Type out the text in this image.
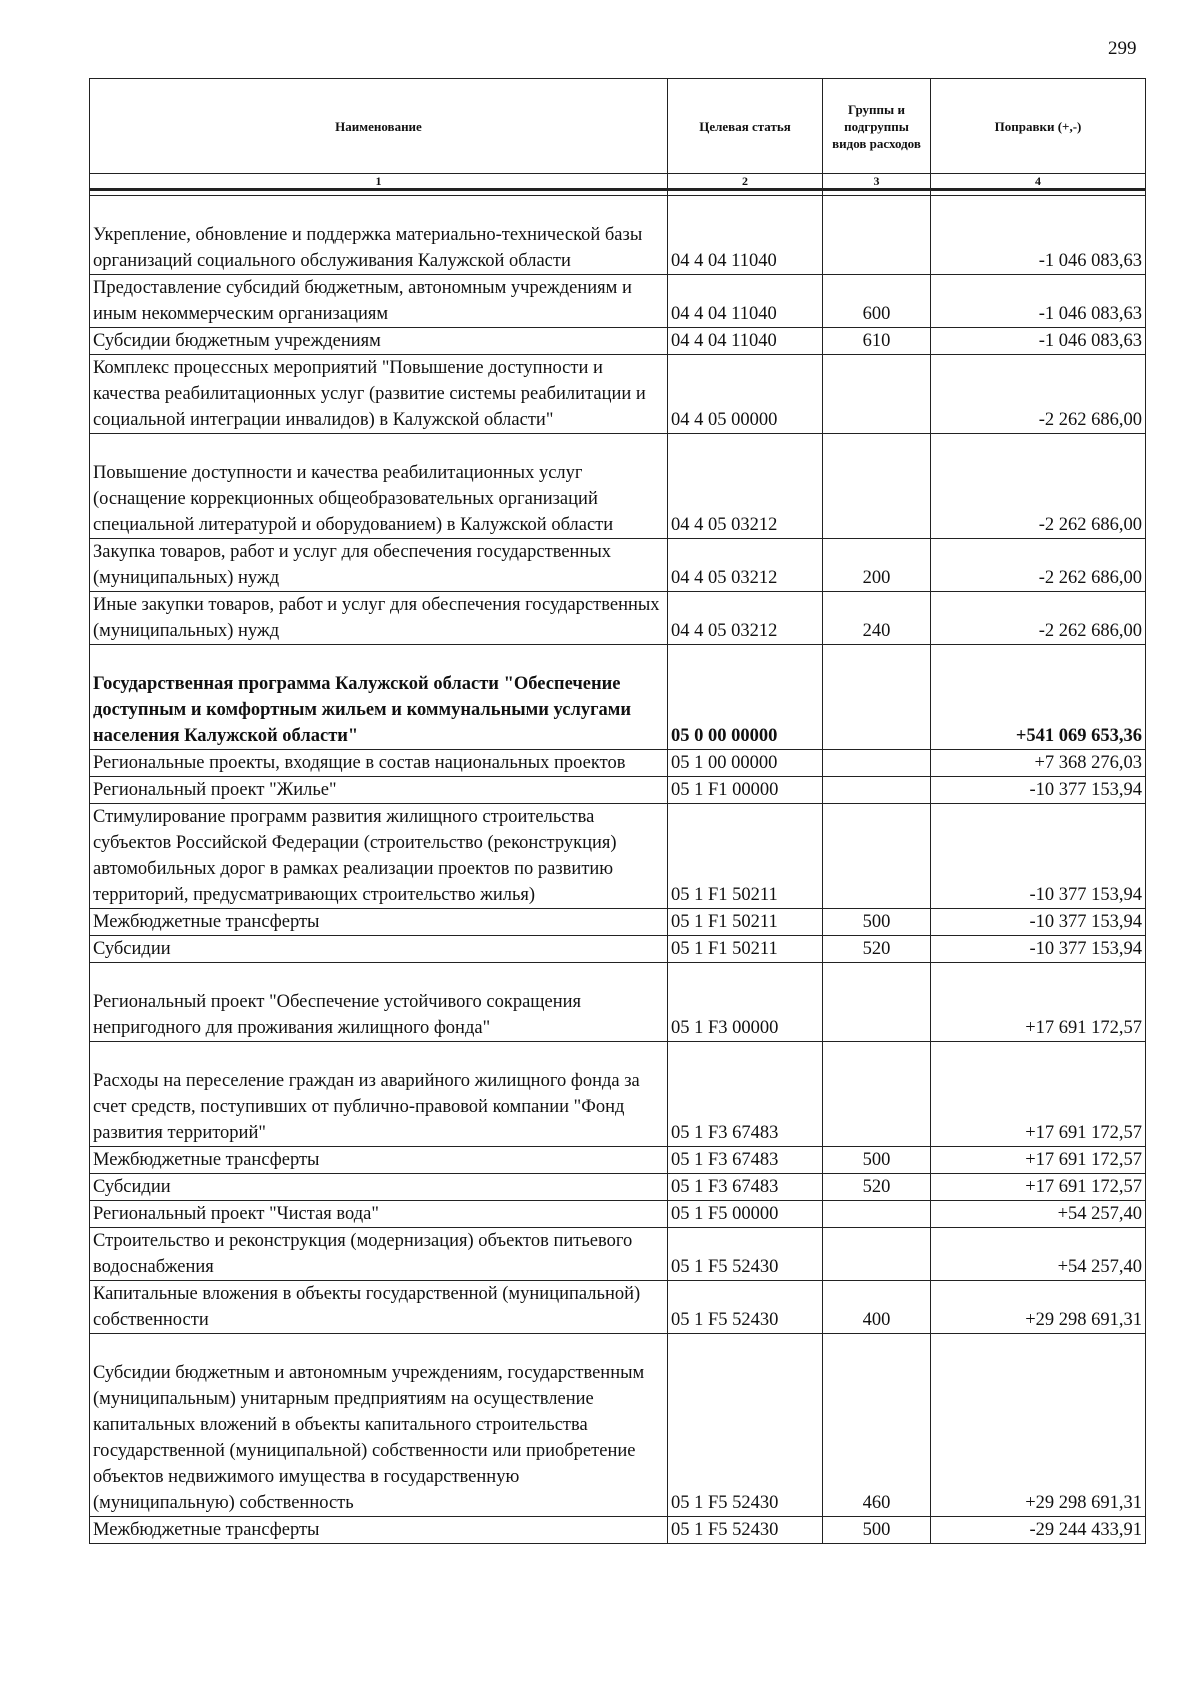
299
Наименование	Целевая статья	Группы и подгруппы видов расходов	Поправки (+,-)
1	2	3	4

Укрепление, обновление и поддержка материально-технической базы организаций социального обслуживания Калужской области	04 4 04 11040		-1 046 083,63
Предоставление субсидий бюджетным, автономным учреждениям и иным некоммерческим организациям	04 4 04 11040	600	-1 046 083,63
Субсидии бюджетным учреждениям	04 4 04 11040	610	-1 046 083,63
Комплекс процессных мероприятий "Повышение доступности и качества реабилитационных услуг (развитие системы реабилитации и социальной интеграции инвалидов) в Калужской области"	04 4 05 00000		-2 262 686,00

Повышение доступности и качества реабилитационных услуг (оснащение коррекционных общеобразовательных организаций специальной литературой и оборудованием) в Калужской области	04 4 05 03212		-2 262 686,00
Закупка товаров, работ и услуг для обеспечения государственных (муниципальных) нужд	04 4 05 03212	200	-2 262 686,00
Иные закупки товаров, работ и услуг для обеспечения государственных (муниципальных) нужд	04 4 05 03212	240	-2 262 686,00

Государственная программа Калужской области "Обеспечение доступным и комфортным жильем и коммунальными услугами населения Калужской области"	05 0 00 00000		+541 069 653,36
Региональные проекты, входящие в состав национальных проектов	05 1 00 00000		+7 368 276,03
Региональный проект "Жилье"	05 1 F1 00000		-10 377 153,94
Стимулирование программ развития жилищного строительства субъектов Российской Федерации (строительство (реконструкция) автомобильных дорог в рамках реализации проектов по развитию территорий, предусматривающих строительство жилья)	05 1 F1 50211		-10 377 153,94
Межбюджетные трансферты	05 1 F1 50211	500	-10 377 153,94
Субсидии	05 1 F1 50211	520	-10 377 153,94

Региональный проект "Обеспечение устойчивого сокращения непригодного для проживания жилищного фонда"	05 1 F3 00000		+17 691 172,57

Расходы на переселение граждан из аварийного жилищного фонда за счет средств, поступивших от публично-правовой компании "Фонд развития территорий"	05 1 F3 67483		+17 691 172,57
Межбюджетные трансферты	05 1 F3 67483	500	+17 691 172,57
Субсидии	05 1 F3 67483	520	+17 691 172,57
Региональный проект "Чистая вода"	05 1 F5 00000		+54 257,40
Строительство и реконструкция (модернизация) объектов питьевого водоснабжения	05 1 F5 52430		+54 257,40
Капитальные вложения в объекты государственной (муниципальной) собственности	05 1 F5 52430	400	+29 298 691,31

Субсидии бюджетным и автономным учреждениям, государственным (муниципальным) унитарным предприятиям на осуществление капитальных вложений в объекты капитального строительства государственной (муниципальной) собственности или приобретение объектов недвижимого имущества в государственную (муниципальную) собственность	05 1 F5 52430	460	+29 298 691,31
Межбюджетные трансферты	05 1 F5 52430	500	-29 244 433,91
